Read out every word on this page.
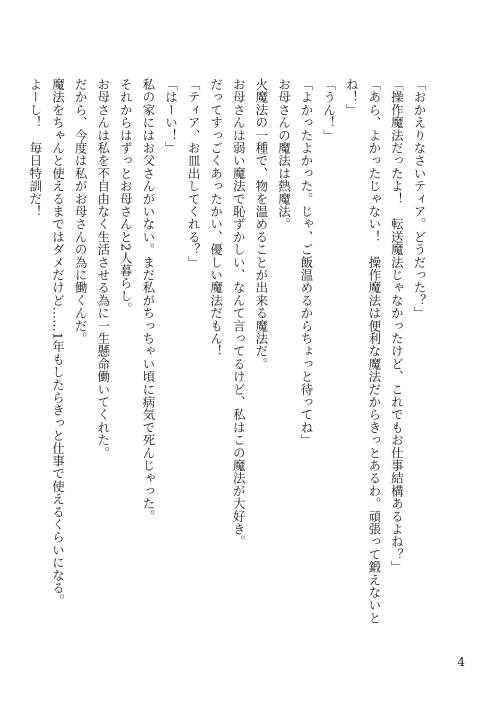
「おかえりなさいティア。どうだった？」
「操作魔法だったよ！　転送魔法じゃなかったけど、これでもお仕事結構あるよね？」
「あら、よかったじゃない！　操作魔法は便利な魔法だからきっとあるわ。頑張って鍛えないと
ね！」
「うん！」
「よかったよかった。じゃ、ご飯温めるからちょっと待ってね」
お母さんの魔法は熱魔法。
火魔法の一種で、物を温めることが出来る魔法だ。
お母さんは弱い魔法で恥ずかしい、なんて言ってるけど、私はこの魔法が大好き。
だってすっごくあったかい、優しい魔法だもん！
「ティア、お皿出してくれる？」
「はーい！」
私の家にはお父さんがいない。まだ私がちっちゃい頃に病気で死んじゃった。
それからはずっとお母さんと2人暮らし。
お母さんは私を不自由なく生活させる為に一生懸命働いてくれた。
だから、今度は私がお母さんの為に働くんだ。
魔法をちゃんと使えるまではダメだけど……1年もしたらきっと仕事で使えるくらいになる。
よーし！　毎日特訓だ！
4
